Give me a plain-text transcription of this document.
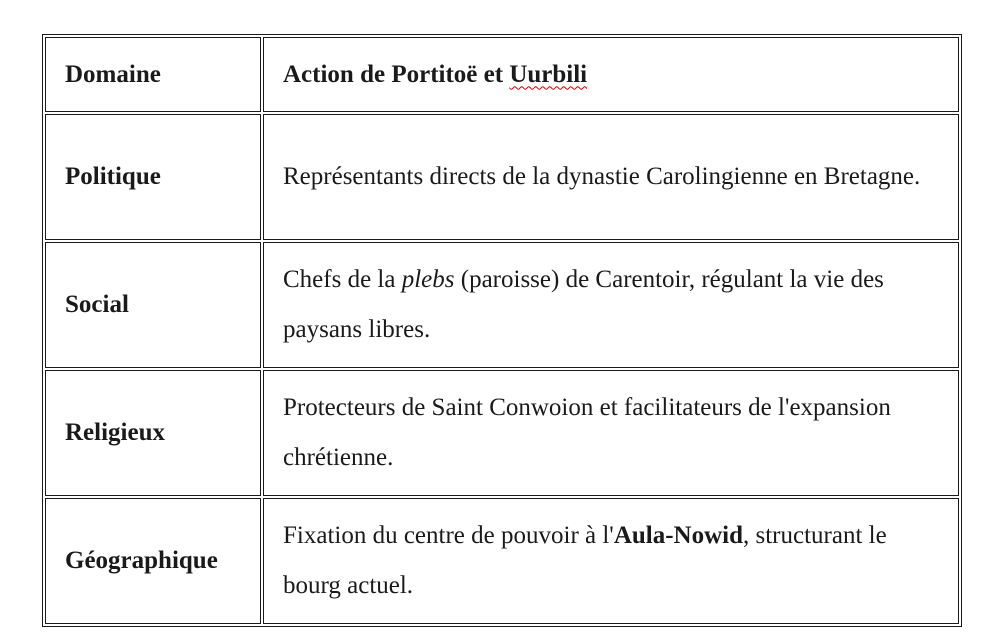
Domaine	Action de Portitoë et Uurbili
Politique	Représentants directs de la dynastie Carolingienne en Bretagne.
Social	Chefs de la plebs (paroisse) de Carentoir, régulant la vie des paysans libres.
Religieux	Protecteurs de Saint Conwoion et facilitateurs de l'expansion chrétienne.
Géographique	Fixation du centre de pouvoir à l'Aula-Nowid, structurant le bourg actuel.
